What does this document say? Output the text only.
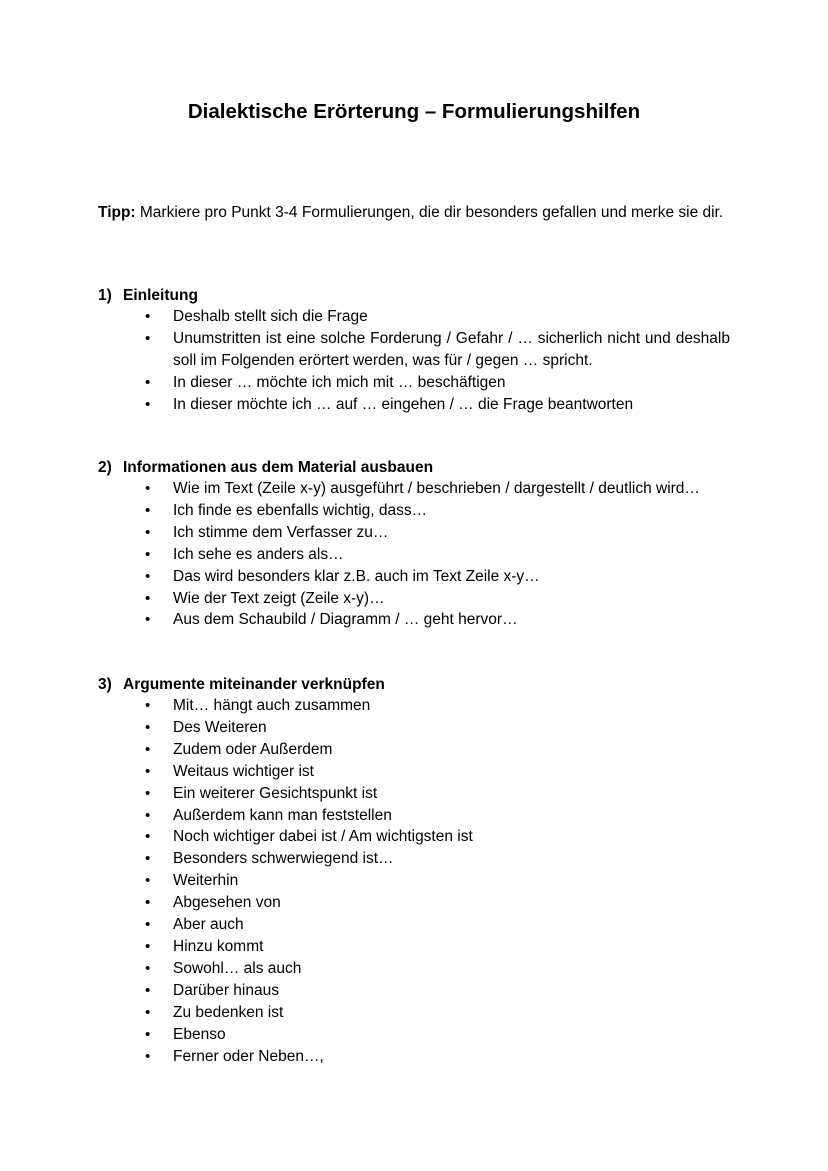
Dialektische Erörterung – Formulierungshilfen
Tipp: Markiere pro Punkt 3-4 Formulierungen, die dir besonders gefallen und merke sie dir.
1) Einleitung
• Deshalb stellt sich die Frage
• Unumstritten ist eine solche Forderung / Gefahr / … sicherlich nicht und deshalb soll im Folgenden erörtert werden, was für / gegen … spricht.
• In dieser … möchte ich mich mit … beschäftigen
• In dieser möchte ich … auf … eingehen / … die Frage beantworten
2) Informationen aus dem Material ausbauen
• Wie im Text (Zeile x-y) ausgeführt / beschrieben / dargestellt / deutlich wird…
• Ich finde es ebenfalls wichtig, dass…
• Ich stimme dem Verfasser zu…
• Ich sehe es anders als…
• Das wird besonders klar z.B. auch im Text Zeile x-y…
• Wie der Text zeigt (Zeile x-y)…
• Aus dem Schaubild / Diagramm / … geht hervor…
3) Argumente miteinander verknüpfen
• Mit… hängt auch zusammen
• Des Weiteren
• Zudem oder Außerdem
• Weitaus wichtiger ist
• Ein weiterer Gesichtspunkt ist
• Außerdem kann man feststellen
• Noch wichtiger dabei ist / Am wichtigsten ist
• Besonders schwerwiegend ist…
• Weiterhin
• Abgesehen von
• Aber auch
• Hinzu kommt
• Sowohl… als auch
• Darüber hinaus
• Zu bedenken ist
• Ebenso
• Ferner oder Neben…,
